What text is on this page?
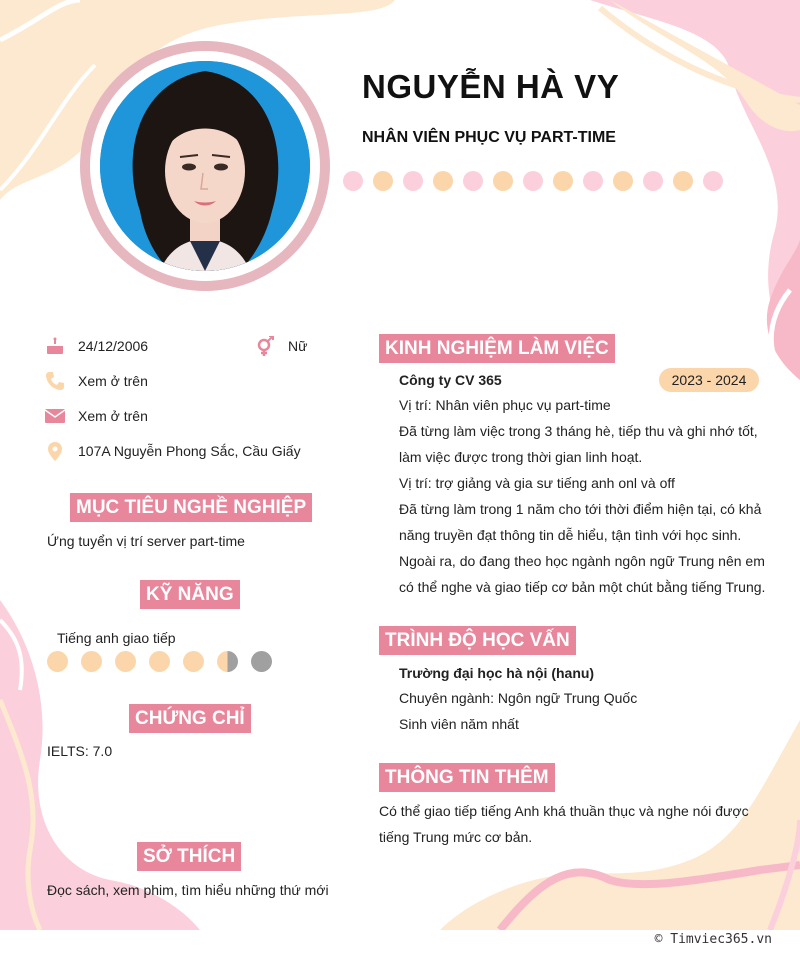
NGUYỄN HÀ VY
NHÂN VIÊN PHỤC VỤ PART-TIME
24/12/2006	Nữ
Xem ở trên
Xem ở trên
107A Nguyễn Phong Sắc, Cầu Giấy
MỤC TIÊU NGHỀ NGHIỆP
Ứng tuyển vị trí server part-time
KỸ NĂNG
Tiếng anh giao tiếp
CHỨNG CHỈ
IELTS: 7.0
SỞ THÍCH
Đọc sách, xem phim, tìm hiểu những thứ mới
KINH NGHIỆM LÀM VIỆC
Công ty CV 365	2023 - 2024
Vị trí: Nhân viên phục vụ part-time
Đã từng làm việc trong 3 tháng hè, tiếp thu và ghi nhớ tốt,
làm việc được trong thời gian linh hoạt.
Vị trí: trợ giảng và gia sư tiếng anh onl và off
Đã từng làm trong 1 năm cho tới thời điểm hiện tại, có khả
năng truyền đạt thông tin dễ hiểu, tận tình với học sinh.
Ngoài ra, do đang theo học ngành ngôn ngữ Trung nên em
có thể nghe và giao tiếp cơ bản một chút bằng tiếng Trung.
TRÌNH ĐỘ HỌC VẤN
Trường đại học hà nội (hanu)
Chuyên ngành: Ngôn ngữ Trung Quốc
Sinh viên năm nhất
THÔNG TIN THÊM
Có thể giao tiếp tiếng Anh khá thuần thục và nghe nói được
tiếng Trung mức cơ bản.
© Timviec365.vn
